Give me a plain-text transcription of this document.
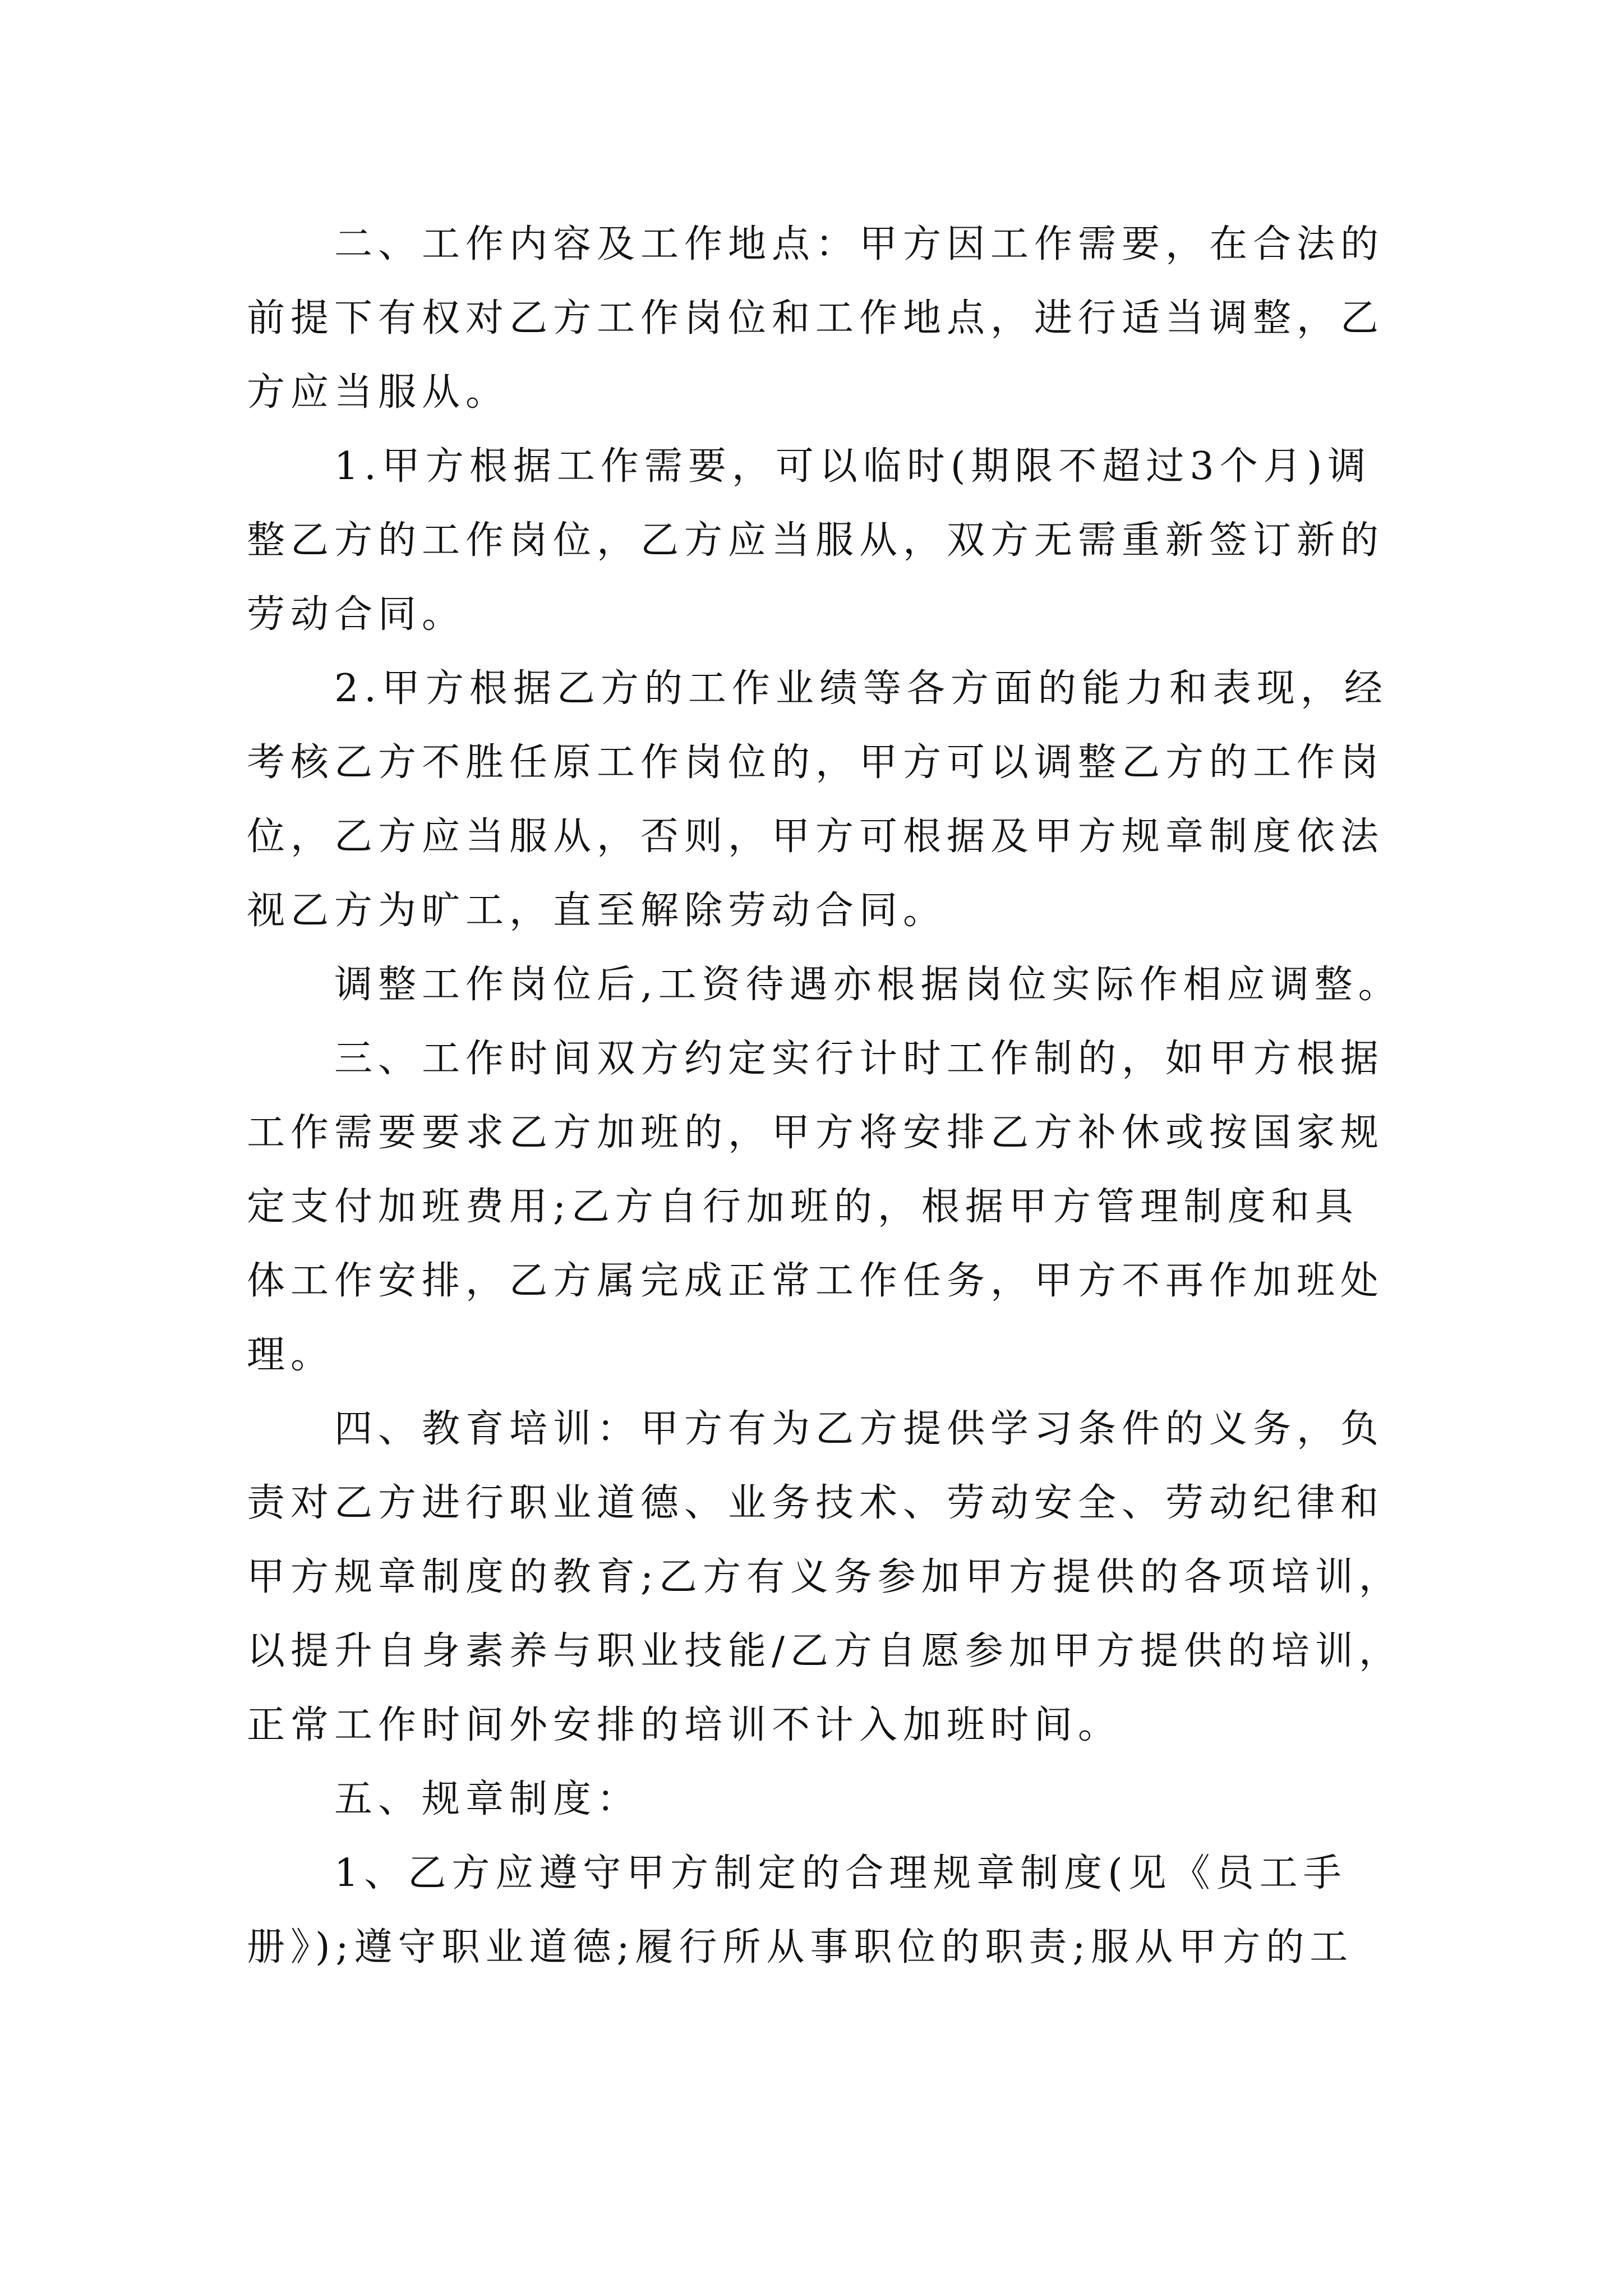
二、工作内容及工作地点：甲方因工作需要，在合法的
前提下有权对乙方工作岗位和工作地点，进行适当调整，乙
方应当服从。

1.甲方根据工作需要，可以临时(期限不超过3个月)调
整乙方的工作岗位，乙方应当服从，双方无需重新签订新的
劳动合同。

2.甲方根据乙方的工作业绩等各方面的能力和表现，经
考核乙方不胜任原工作岗位的，甲方可以调整乙方的工作岗
位，乙方应当服从，否则，甲方可根据及甲方规章制度依法
视乙方为旷工，直至解除劳动合同。

调整工作岗位后,工资待遇亦根据岗位实际作相应调整。

三、工作时间双方约定实行计时工作制的，如甲方根据
工作需要要求乙方加班的，甲方将安排乙方补休或按国家规
定支付加班费用;乙方自行加班的，根据甲方管理制度和具
体工作安排，乙方属完成正常工作任务，甲方不再作加班处
理。

四、教育培训：甲方有为乙方提供学习条件的义务，负
责对乙方进行职业道德、业务技术、劳动安全、劳动纪律和
甲方规章制度的教育;乙方有义务参加甲方提供的各项培训，
以提升自身素养与职业技能/乙方自愿参加甲方提供的培训，
正常工作时间外安排的培训不计入加班时间。

五、规章制度：

1、乙方应遵守甲方制定的合理规章制度(见《员工手
册》);遵守职业道德;履行所从事职位的职责;服从甲方的工
